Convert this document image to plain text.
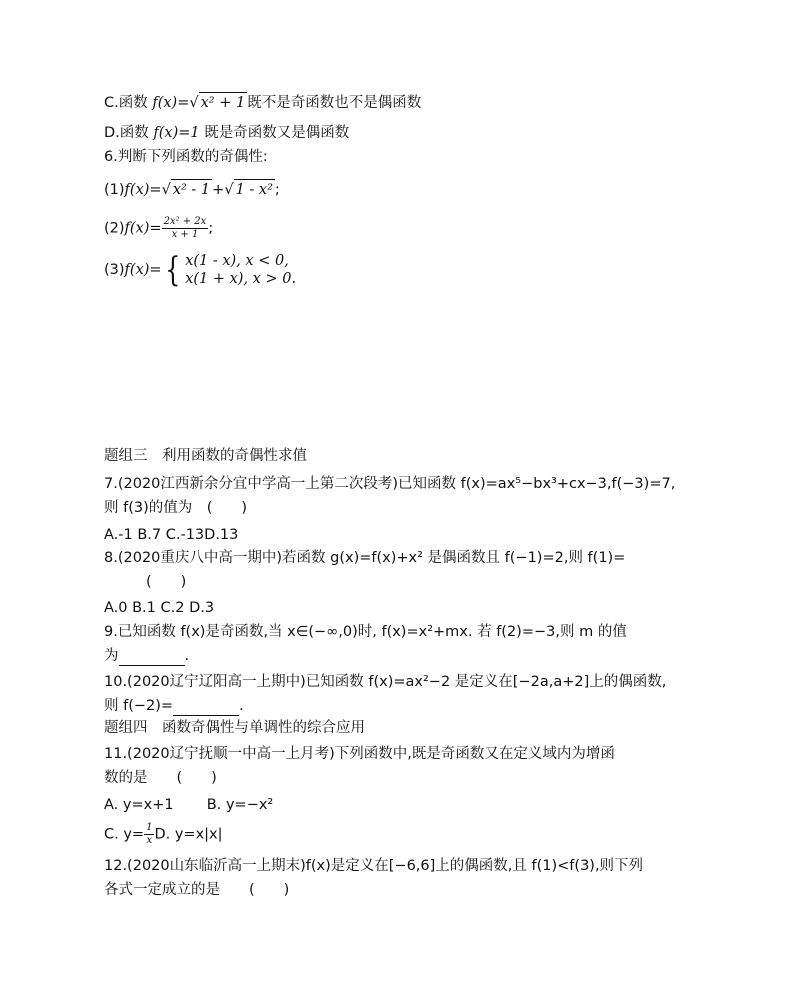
C.函数 f(x)=√ x² + 1 既不是奇函数也不是偶函数
D.函数 f(x)=1 既是奇函数又是偶函数
6.判断下列函数的奇偶性:
(1)f(x)=√ x² - 1 +√ 1 - x² ;
$(2)f(x)= \frac{\text{2x² + 2x}}{x + 1}$ ;
(3)f(x)={ x(1 - x), x < 0,
x(1 + x), x > 0.
题组三　利用函数的奇偶性求值
7.(2020江西新余分宜中学高一上第二次段考)已知函数 f(x)=ax⁵−bx³+cx−3,f(−3)=7,
则 f(3)的值为　(　　)
A.-1 B.7 C.-13D.13
8.(2020重庆八中高一期中)若函数 g(x)=f(x)+x² 是偶函数且 f(−1)=2,则 f(1)=
(　　)
A.0 B.1 C.2 D.3
9.已知函数 f(x)是奇函数,当 x∈(−∞,0)时, f(x)=x²+mx. 若 f(2)=−3,则 m 的值
为	.
10.(2020辽宁辽阳高一上期中)已知函数 f(x)=ax²−2 是定义在[−2a,a+2]上的偶函数,
则 f(−2)=	.
题组四　函数奇偶性与单调性的综合应用
11.(2020辽宁抚顺一中高一上月考)下列函数中,既是奇函数又在定义域内为增函
数的是　　(　　)
A. y=x+1 B. y=−x²
C. $y= \frac{1}{x} D$. y=x|x|
12.(2020山东临沂高一上期末)f(x)是定义在[−6,6]上的偶函数,且 f(1)<f(3),则下列
各式一定成立的是　　(　　)
